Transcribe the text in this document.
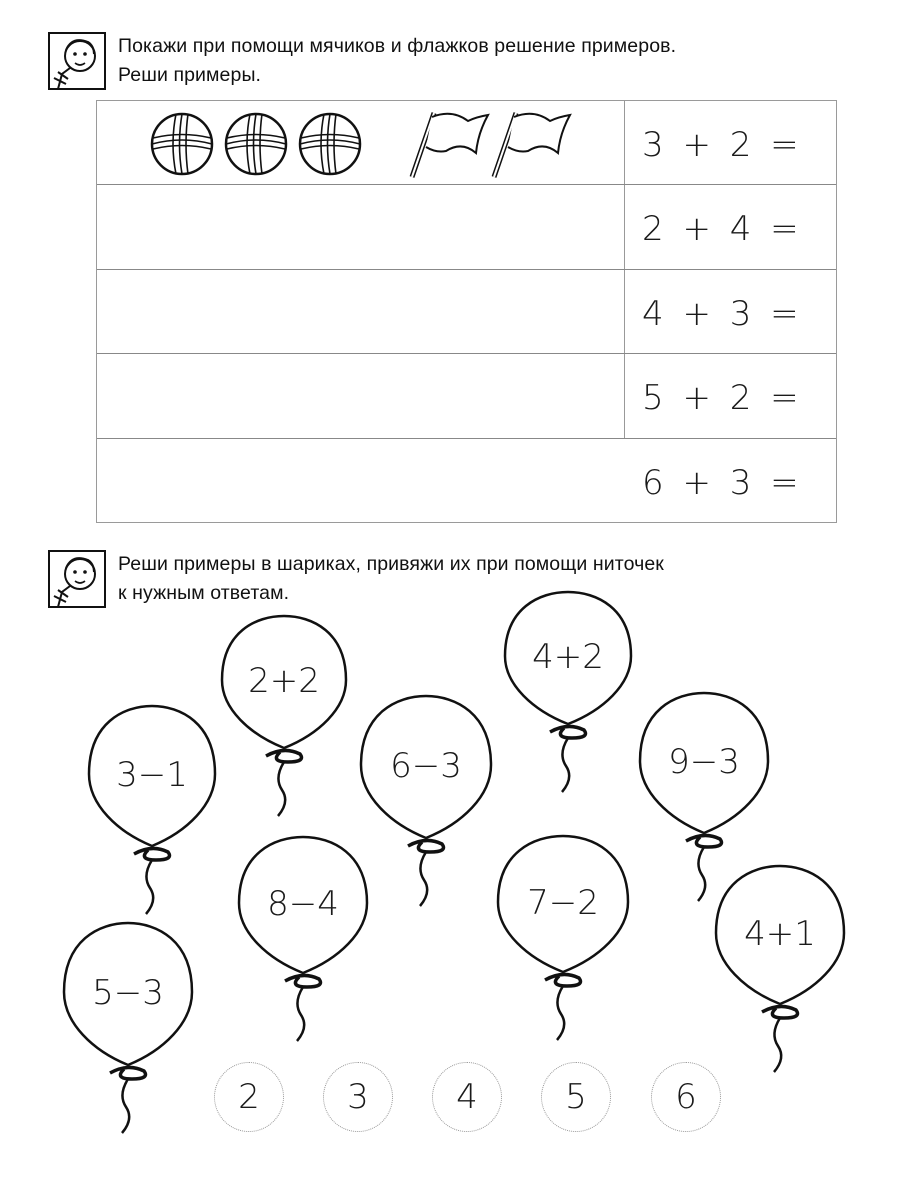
Покажи при помощи мячиков и флажков решение примеров.
Реши примеры.
3 + 2 =
2 + 4 =
4 + 3 =
5 + 2 =
6 + 3 =
Реши примеры в шариках, привяжи их при помощи ниточек
к нужным ответам.
3−1
2+2
6−3
4+2
9−3
8−4	7−2
4+1
5−3
2	3	4	5	6
